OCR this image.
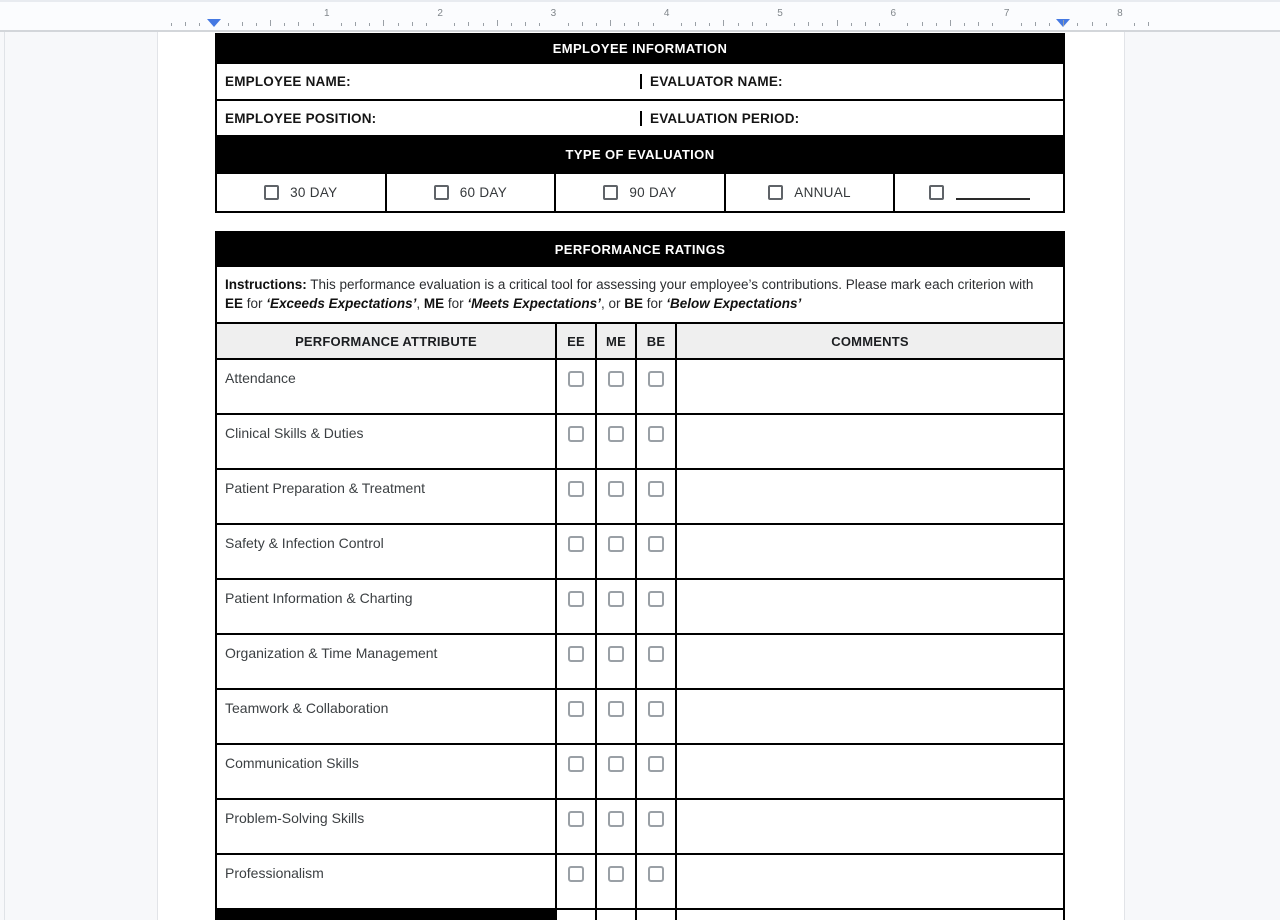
1	2	3	4	5	6	7	8
EMPLOYEE INFORMATION
EMPLOYEE NAME:	EVALUATOR NAME:
EMPLOYEE POSITION:	EVALUATION PERIOD:
TYPE OF EVALUATION
30 DAY	60 DAY	90 DAY	ANNUAL
PERFORMANCE RATINGS
Instructions: This performance evaluation is a critical tool for assessing your employee’s contributions. Please mark each criterion with EE for ‘Exceeds Expectations’, ME for ‘Meets Expectations’, or BE for ‘Below Expectations’
PERFORMANCE ATTRIBUTE	EE	ME	BE	COMMENTS
Attendance
Clinical Skills & Duties
Patient Preparation & Treatment
Safety & Infection Control
Patient Information & Charting
Organization & Time Management
Teamwork & Collaboration
Communication Skills
Problem-Solving Skills
Professionalism
